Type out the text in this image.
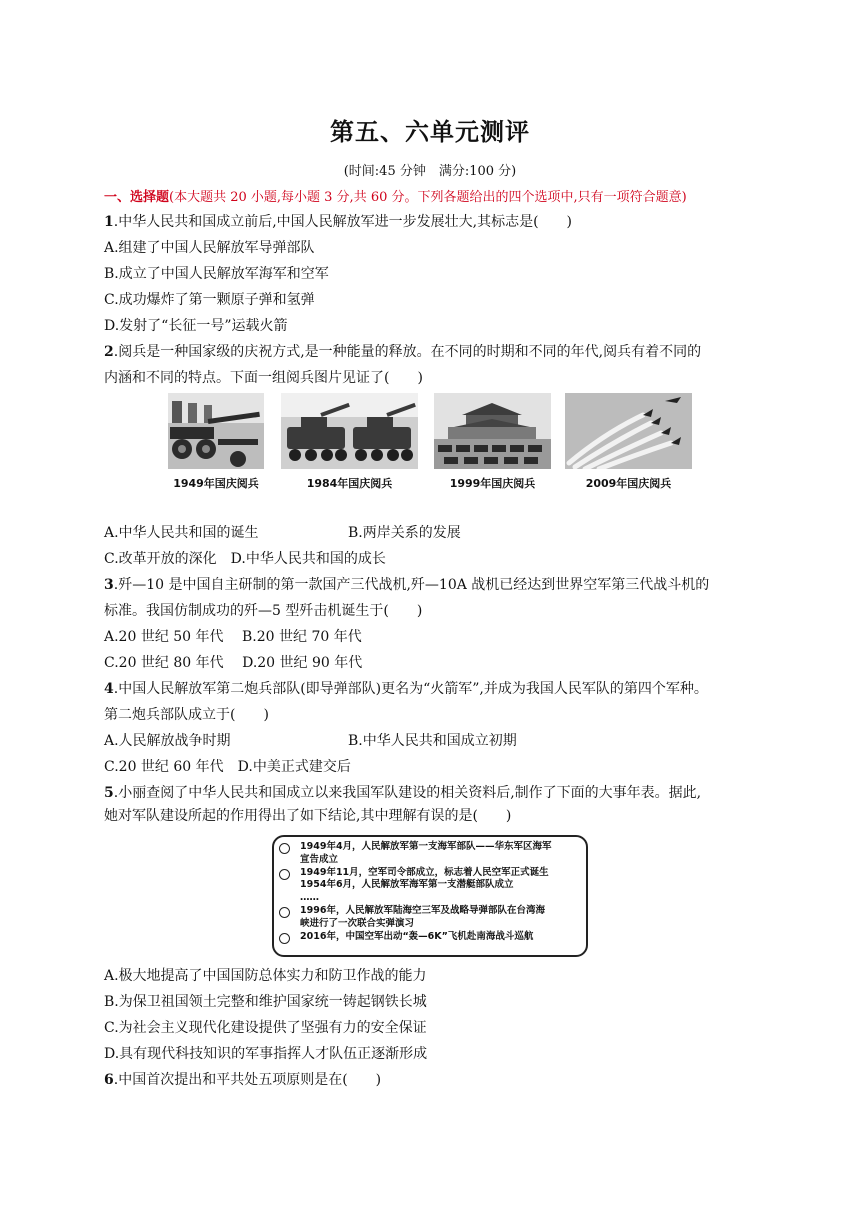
第五、六单元测评
(时间:45 分钟　满分:100 分)
一、选择题(本大题共 20 小题,每小题 3 分,共 60 分。下列各题给出的四个选项中,只有一项符合题意)
1.中华人民共和国成立前后,中国人民解放军进一步发展壮大,其标志是(　　)
A.组建了中国人民解放军导弹部队
B.成立了中国人民解放军海军和空军
C.成功爆炸了第一颗原子弹和氢弹
D.发射了“长征一号”运载火箭
2.阅兵是一种国家级的庆祝方式,是一种能量的释放。在不同的时期和不同的年代,阅兵有着不同的
内涵和不同的特点。下面一组阅兵图片见证了(　　)
1949年国庆阅兵	1984年国庆阅兵	1999年国庆阅兵	2009年国庆阅兵
A.中华人民共和国的诞生	B.两岸关系的发展
C.改革开放的深化　D.中华人民共和国的成长
3.歼—10 是中国自主研制的第一款国产三代战机,歼—10A 战机已经达到世界空军第三代战斗机的
标准。我国仿制成功的歼—5 型歼击机诞生于(　　)
A.20 世纪 50 年代　 B.20 世纪 70 年代
C.20 世纪 80 年代　 D.20 世纪 90 年代
4.中国人民解放军第二炮兵部队(即导弹部队)更名为“火箭军”,并成为我国人民军队的第四个军种。
第二炮兵部队成立于(　　)
A.人民解放战争时期	B.中华人民共和国成立初期
C.20 世纪 60 年代　D.中美正式建交后
5.小丽查阅了中华人民共和国成立以来我国军队建设的相关资料后,制作了下面的大事年表。据此,
她对军队建设所起的作用得出了如下结论,其中理解有误的是(　　)
1949年4月，人民解放军第一支海军部队——华东军区海军
宣告成立
1949年11月，空军司令部成立，标志着人民空军正式诞生
1954年6月，人民解放军海军第一支潜艇部队成立
……
1996年，人民解放军陆海空三军及战略导弹部队在台湾海
峡进行了一次联合实弹演习
2016年，中国空军出动“轰—6K”飞机赴南海战斗巡航
A.极大地提高了中国国防总体实力和防卫作战的能力
B.为保卫祖国领土完整和维护国家统一铸起钢铁长城
C.为社会主义现代化建设提供了坚强有力的安全保证
D.具有现代科技知识的军事指挥人才队伍正逐渐形成
6.中国首次提出和平共处五项原则是在(　　)
